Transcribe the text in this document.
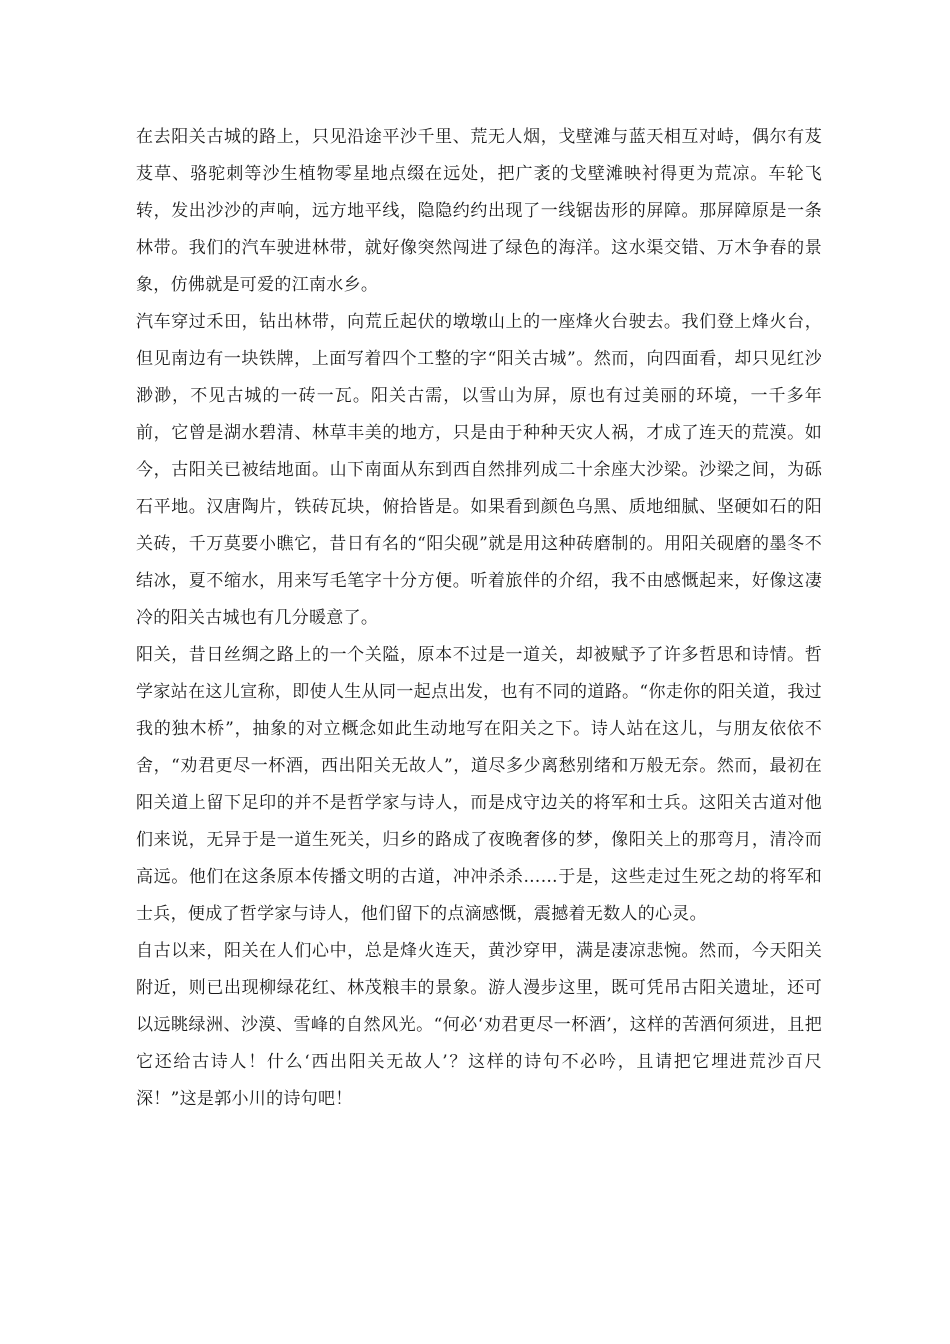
在去阳关古城的路上，只见沿途平沙千里、荒无人烟，戈壁滩与蓝天相互对峙，偶尔有芨芨草、骆驼刺等沙生植物零星地点缀在远处，把广袤的戈壁滩映衬得更为荒凉。车轮飞转，发出沙沙的声响，远方地平线，隐隐约约出现了一线锯齿形的屏障。那屏障原是一条林带。我们的汽车驶进林带，就好像突然闯进了绿色的海洋。这水渠交错、万木争春的景象，仿佛就是可爱的江南水乡。

汽车穿过禾田，钻出林带，向荒丘起伏的墩墩山上的一座烽火台驶去。我们登上烽火台，但见南边有一块铁牌，上面写着四个工整的字“阳关古城”。然而，向四面看，却只见红沙渺渺，不见古城的一砖一瓦。阳关古需，以雪山为屏，原也有过美丽的环境，一千多年前，它曾是湖水碧清、林草丰美的地方，只是由于种种天灾人祸，才成了连天的荒漠。如今，古阳关已被结地面。山下南面从东到西自然排列成二十余座大沙梁。沙梁之间，为砾石平地。汉唐陶片，铁砖瓦块，俯拾皆是。如果看到颜色乌黑、质地细腻、坚硬如石的阳关砖，千万莫要小瞧它，昔日有名的“阳尖砚”就是用这种砖磨制的。用阳关砚磨的墨冬不结冰，夏不缩水，用来写毛笔字十分方便。听着旅伴的介绍，我不由感慨起来，好像这凄冷的阳关古城也有几分暖意了。

阳关，昔日丝绸之路上的一个关隘，原本不过是一道关，却被赋予了许多哲思和诗情。哲学家站在这儿宣称，即使人生从同一起点出发，也有不同的道路。“你走你的阳关道，我过我的独木桥”，抽象的对立概念如此生动地写在阳关之下。诗人站在这儿，与朋友依依不舍，“劝君更尽一杯酒，西出阳关无故人”，道尽多少离愁别绪和万般无奈。然而，最初在阳关道上留下足印的并不是哲学家与诗人，而是戍守边关的将军和士兵。这阳关古道对他们来说，无异于是一道生死关，归乡的路成了夜晚奢侈的梦，像阳关上的那弯月，清冷而高远。他们在这条原本传播文明的古道，冲冲杀杀……于是，这些走过生死之劫的将军和士兵，便成了哲学家与诗人，他们留下的点滴感慨，震撼着无数人的心灵。

自古以来，阳关在人们心中，总是烽火连天，黄沙穿甲，满是凄凉悲惋。然而，今天阳关附近，则已出现柳绿花红、林茂粮丰的景象。游人漫步这里，既可凭吊古阳关遗址，还可以远眺绿洲、沙漠、雪峰的自然风光。“何必‘劝君更尽一杯酒’，这样的苦酒何须进，且把它还给古诗人！什么‘西出阳关无故人’？这样的诗句不必吟，且请把它埋进荒沙百尺深！”这是郭小川的诗句吧！
